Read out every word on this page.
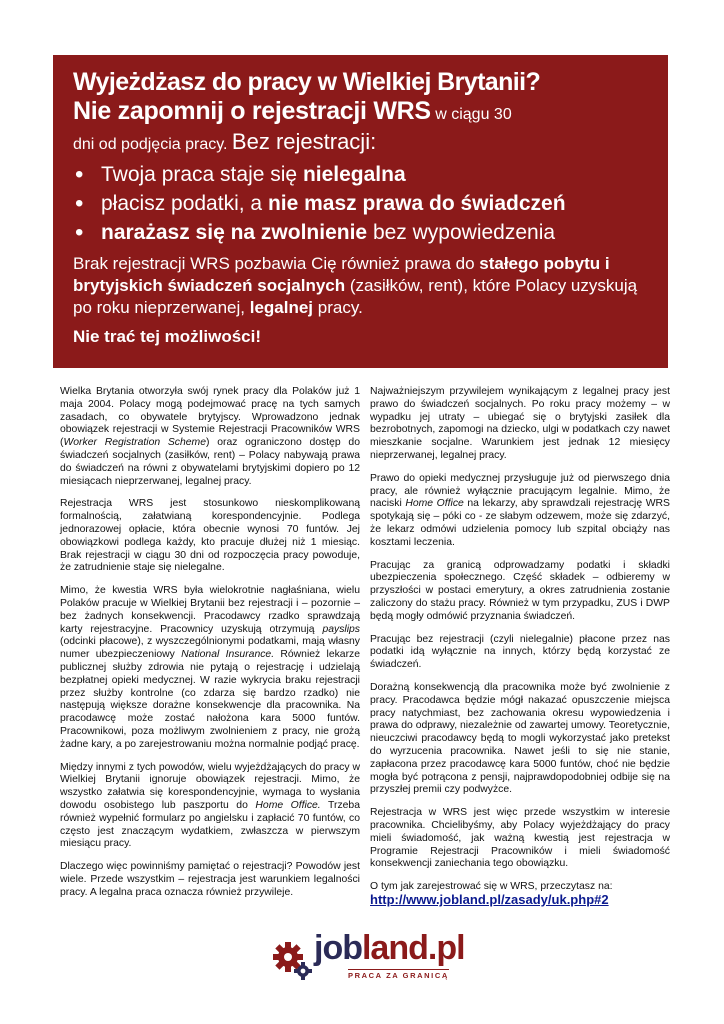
Wyjeżdżasz do pracy w Wielkiej Brytanii?

Nie zapomnij o rejestracji WRS w ciągu 30

dni od podjęcia pracy. Bez rejestracji:

• Twoja praca staje się nielegalna
• płacisz podatki, a nie masz prawa do świadczeń
• narażasz się na zwolnienie bez wypowiedzenia

Brak rejestracji WRS pozbawia Cię również prawa do stałego pobytu i brytyjskich świadczeń socjalnych (zasiłków, rent), które Polacy uzyskują po roku nieprzerwanej, legalnej pracy.

Nie trać tej możliwości!

Wielka Brytania otworzyła swój rynek pracy dla Polaków już 1 maja 2004. Polacy mogą podejmować pracę na tych samych zasadach, co obywatele brytyjscy. Wprowadzono jednak obowiązek rejestracji w Systemie Rejestracji Pracowników WRS (Worker Registration Scheme) oraz ograniczono dostęp do świadczeń socjalnych (zasiłków, rent) – Polacy nabywają prawa do świadczeń na równi z obywatelami brytyjskimi dopiero po 12 miesiącach nieprzerwanej, legalnej pracy.

Rejestracja WRS jest stosunkowo nieskomplikowaną formalnością, załatwianą korespondencyjnie. Podlega jednorazowej opłacie, która obecnie wynosi 70 funtów. Jej obowiązkowi podlega każdy, kto pracuje dłużej niż 1 miesiąc. Brak rejestracji w ciągu 30 dni od rozpoczęcia pracy powoduje, że zatrudnienie staje się nielegalne.

Mimo, że kwestia WRS była wielokrotnie nagłaśniana, wielu Polaków pracuje w Wielkiej Brytanii bez rejestracji i – pozornie – bez żadnych konsekwencji. Pracodawcy rzadko sprawdzają karty rejestracyjne. Pracownicy uzyskują otrzymują payslips (odcinki płacowe), z wyszczególnionymi podatkami, mają własny numer ubezpieczeniowy National Insurance. Również lekarze publicznej służby zdrowia nie pytają o rejestrację i udzielają bezpłatnej opieki medycznej. W razie wykrycia braku rejestracji przez służby kontrolne (co zdarza się bardzo rzadko) nie następują większe dorażne konsekwencje dla pracownika. Na pracodawcę może zostać nałożona kara 5000 funtów. Pracownikowi, poza możliwym zwolnieniem z pracy, nie grożą żadne kary, a po zarejestrowaniu można normalnie podjąć pracę.

Między innymi z tych powodów, wielu wyjeżdżających do pracy w Wielkiej Brytanii ignoruje obowiązek rejestracji. Mimo, że wszystko załatwia się korespondencyjnie, wymaga to wysłania dowodu osobistego lub paszportu do Home Office. Trzeba również wypełnić formularz po angielsku i zapłacić 70 funtów, co często jest znaczącym wydatkiem, zwłaszcza w pierwszym miesiącu pracy.

Dlaczego więc powinniśmy pamiętać o rejestracji? Powodów jest wiele. Przede wszystkim – rejestracja jest warunkiem legalności pracy. A legalna praca oznacza również przywileje.

Najważniejszym przywilejem wynikającym z legalnej pracy jest prawo do świadczeń socjalnych. Po roku pracy możemy – w wypadku jej utraty – ubiegać się o brytyjski zasiłek dla bezrobotnych, zapomogi na dziecko, ulgi w podatkach czy nawet mieszkanie socjalne. Warunkiem jest jednak 12 miesięcy nieprzerwanej, legalnej pracy.

Prawo do opieki medycznej przysługuje już od pierwszego dnia pracy, ale również wyłącznie pracującym legalnie. Mimo, że naciski Home Office na lekarzy, aby sprawdzali rejestrację WRS spotykają się – póki co - ze słabym odzewem, może się zdarzyć, że lekarz odmówi udzielenia pomocy lub szpital obciąży nas kosztami leczenia.

Pracując za granicą odprowadzamy podatki i składki ubezpieczenia społecznego. Część składek – odbieremy w przyszłości w postaci emerytury, a okres zatrudnienia zostanie zaliczony do stażu pracy. Również w tym przypadku, ZUS i DWP będą mogły odmówić przyznania świadczeń.

Pracując bez rejestracji (czyli nielegalnie) płacone przez nas podatki idą wyłącznie na innych, którzy będą korzystać ze świadczeń.

Dorażną konsekwencją dla pracownika może być zwolnienie z pracy. Pracodawca będzie mógł nakazać opuszczenie miejsca pracy natychmiast, bez zachowania okresu wypowiedzenia i prawa do odprawy, niezależnie od zawartej umowy. Teoretycznie, nieuczciwi pracodawcy będą to mogli wykorzystać jako pretekst do wyrzucenia pracownika. Nawet jeśli to się nie stanie, zapłacona przez pracodawcę kara 5000 funtów, choć nie będzie mogła być potrącona z pensji, najprawdopodobniej odbije się na przyszłej premii czy podwyżce.

Rejestracja w WRS jest więc przede wszystkim w interesie pracownika. Chcielibyśmy, aby Polacy wyjeżdżający do pracy mieli świadomość, jak ważną kwestią jest rejestracja w Programie Rejestracji Pracowników i mieli świadomość konsekwencji zaniechania tego obowiązku.

O tym jak zarejestrować się w WRS, przeczytasz na:

http://www.jobland.pl/zasady/uk.php#2
jobland.pl
PRACA ZA GRANICĄ
